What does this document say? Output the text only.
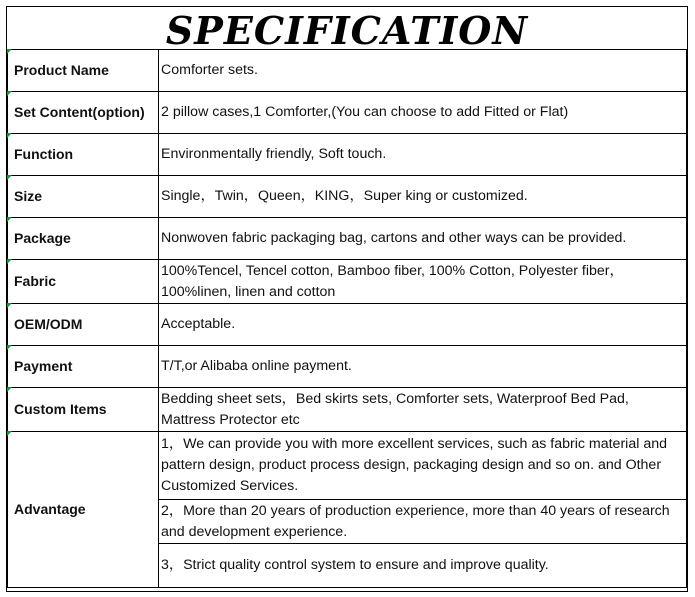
SPECIFICATION
Product Name	Comforter sets.
Set Content(option)	2 pillow cases,1 Comforter,(You can choose to add Fitted or Flat)
Function	Environmentally friendly, Soft touch.
Size	Single，Twin，Queen，KING，Super king or customized.
Package	Nonwoven fabric packaging bag, cartons and other ways can be provided.
Fabric	100%Tencel, Tencel cotton, Bamboo fiber, 100% Cotton, Polyester fiber，100%linen, linen and cotton
OEM/ODM	Acceptable.
Payment	T/T,or Alibaba online payment.
Custom Items	Bedding sheet sets，Bed skirts sets, Comforter sets, Waterproof Bed Pad, Mattress Protector etc
Advantage	1，We can provide you with more excellent services, such as fabric material and pattern design, product process design, packaging design and so on. and Other Customized Services.
	2，More than 20 years of production experience, more than 40 years of research and development experience.
	3，Strict quality control system to ensure and improve quality.
